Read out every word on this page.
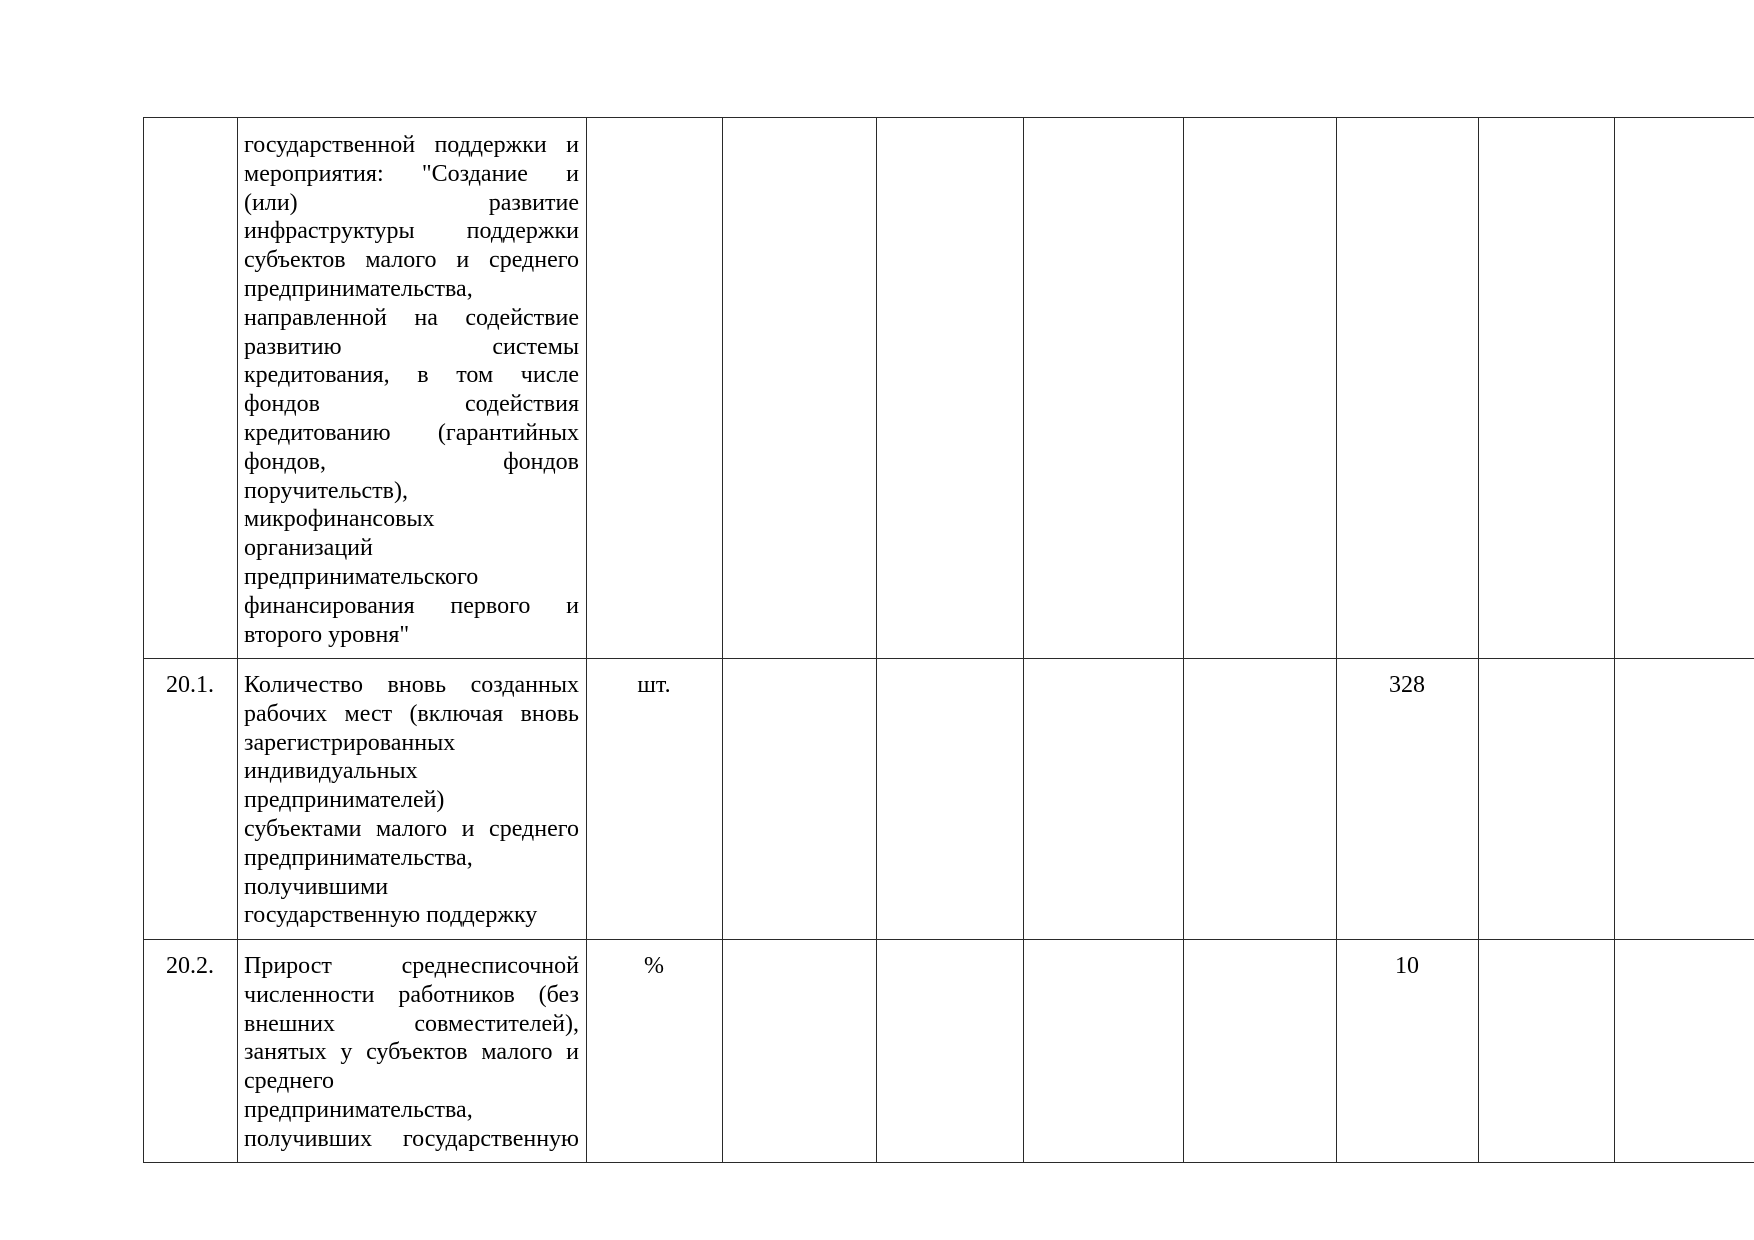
государственной поддержки и
мероприятия: "Создание и
(или) развитие
инфраструктуры поддержки
субъектов малого и среднего
предпринимательства,
направленной на содействие
развитию системы
кредитования, в том числе
фондов содействия
кредитованию (гарантийных
фондов, фондов
поручительств),
микрофинансовых
организаций
предпринимательского
финансирования первого и
второго уровня"
20.1. Количество вновь созданных
рабочих мест (включая вновь
зарегистрированных
индивидуальных
предпринимателей)
субъектами малого и среднего
предпринимательства,
получившими
государственную поддержку
шт.	328
20.2. Прирост среднесписочной
численности работников (без
внешних совместителей),
занятых у субъектов малого и
среднего
предпринимательства,
получивших государственную
%	10
